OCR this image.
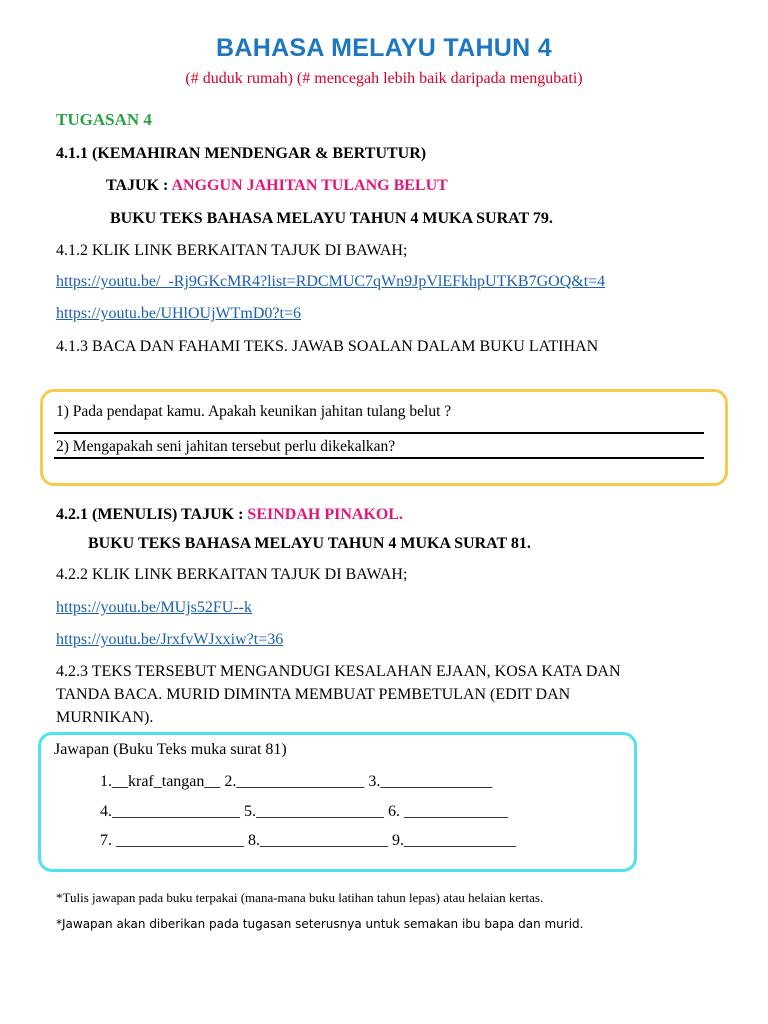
BAHASA MELAYU TAHUN 4
(# duduk rumah) (# mencegah lebih baik daripada mengubati)
TUGASAN 4
4.1.1 (KEMAHIRAN MENDENGAR & BERTUTUR)
TAJUK : ANGGUN JAHITAN TULANG BELUT
BUKU TEKS BAHASA MELAYU TAHUN 4 MUKA SURAT 79.
4.1.2 KLIK LINK BERKAITAN TAJUK DI BAWAH;
https://youtu.be/_-Rj9GKcMR4?list=RDCMUC7qWn9JpVlEFkhpUTKB7GOQ&t=4
https://youtu.be/UHlOUjWTmD0?t=6
4.1.3 BACA DAN FAHAMI TEKS. JAWAB SOALAN DALAM BUKU LATIHAN
1) Pada pendapat kamu. Apakah keunikan jahitan tulang belut ?
2) Mengapakah seni jahitan tersebut perlu dikekalkan?
4.2.1 (MENULIS) TAJUK : SEINDAH PINAKOL.
BUKU TEKS BAHASA MELAYU TAHUN 4 MUKA SURAT 81.
4.2.2 KLIK LINK BERKAITAN TAJUK DI BAWAH;
https://youtu.be/MUjs52FU--k
https://youtu.be/JrxfvWJxxiw?t=36
4.2.3 TEKS TERSEBUT MENGANDUGI KESALAHAN EJAAN, KOSA KATA DAN
TANDA BACA. MURID DIMINTA MEMBUAT PEMBETULAN (EDIT DAN
MURNIKAN).
Jawapan (Buku Teks muka surat 81)
1.__kraf_tangan__ 2.________________ 3.______________
4.________________ 5.________________ 6. _____________
7. ________________ 8.________________ 9.______________
*Tulis jawapan pada buku terpakai (mana-mana buku latihan tahun lepas) atau helaian kertas.
*Jawapan akan diberikan pada tugasan seterusnya untuk semakan ibu bapa dan murid.
